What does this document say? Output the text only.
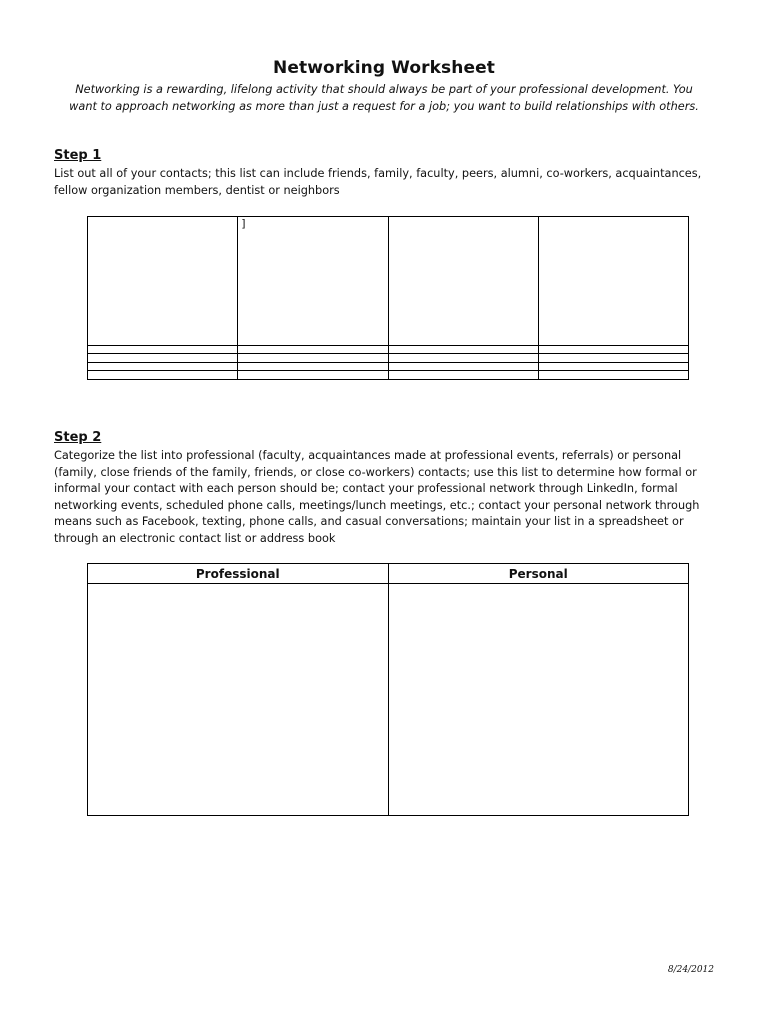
Networking Worksheet
Networking is a rewarding, lifelong activity that should always be part of your professional development. You want to approach networking as more than just a request for a job; you want to build relationships with others.
Step 1
List out all of your contacts; this list can include friends, family, faculty, peers, alumni, co-workers, acquaintances, fellow organization members, dentist or neighbors
	]		

Step 2
Categorize the list into professional (faculty, acquaintances made at professional events, referrals) or personal (family, close friends of the family, friends, or close co-workers) contacts; use this list to determine how formal or informal your contact with each person should be; contact your professional network through LinkedIn, formal networking events, scheduled phone calls, meetings/lunch meetings, etc.; contact your personal network through means such as Facebook, texting, phone calls, and casual conversations; maintain your list in a spreadsheet or through an electronic contact list or address book
Professional	Personal

8/24/2012
